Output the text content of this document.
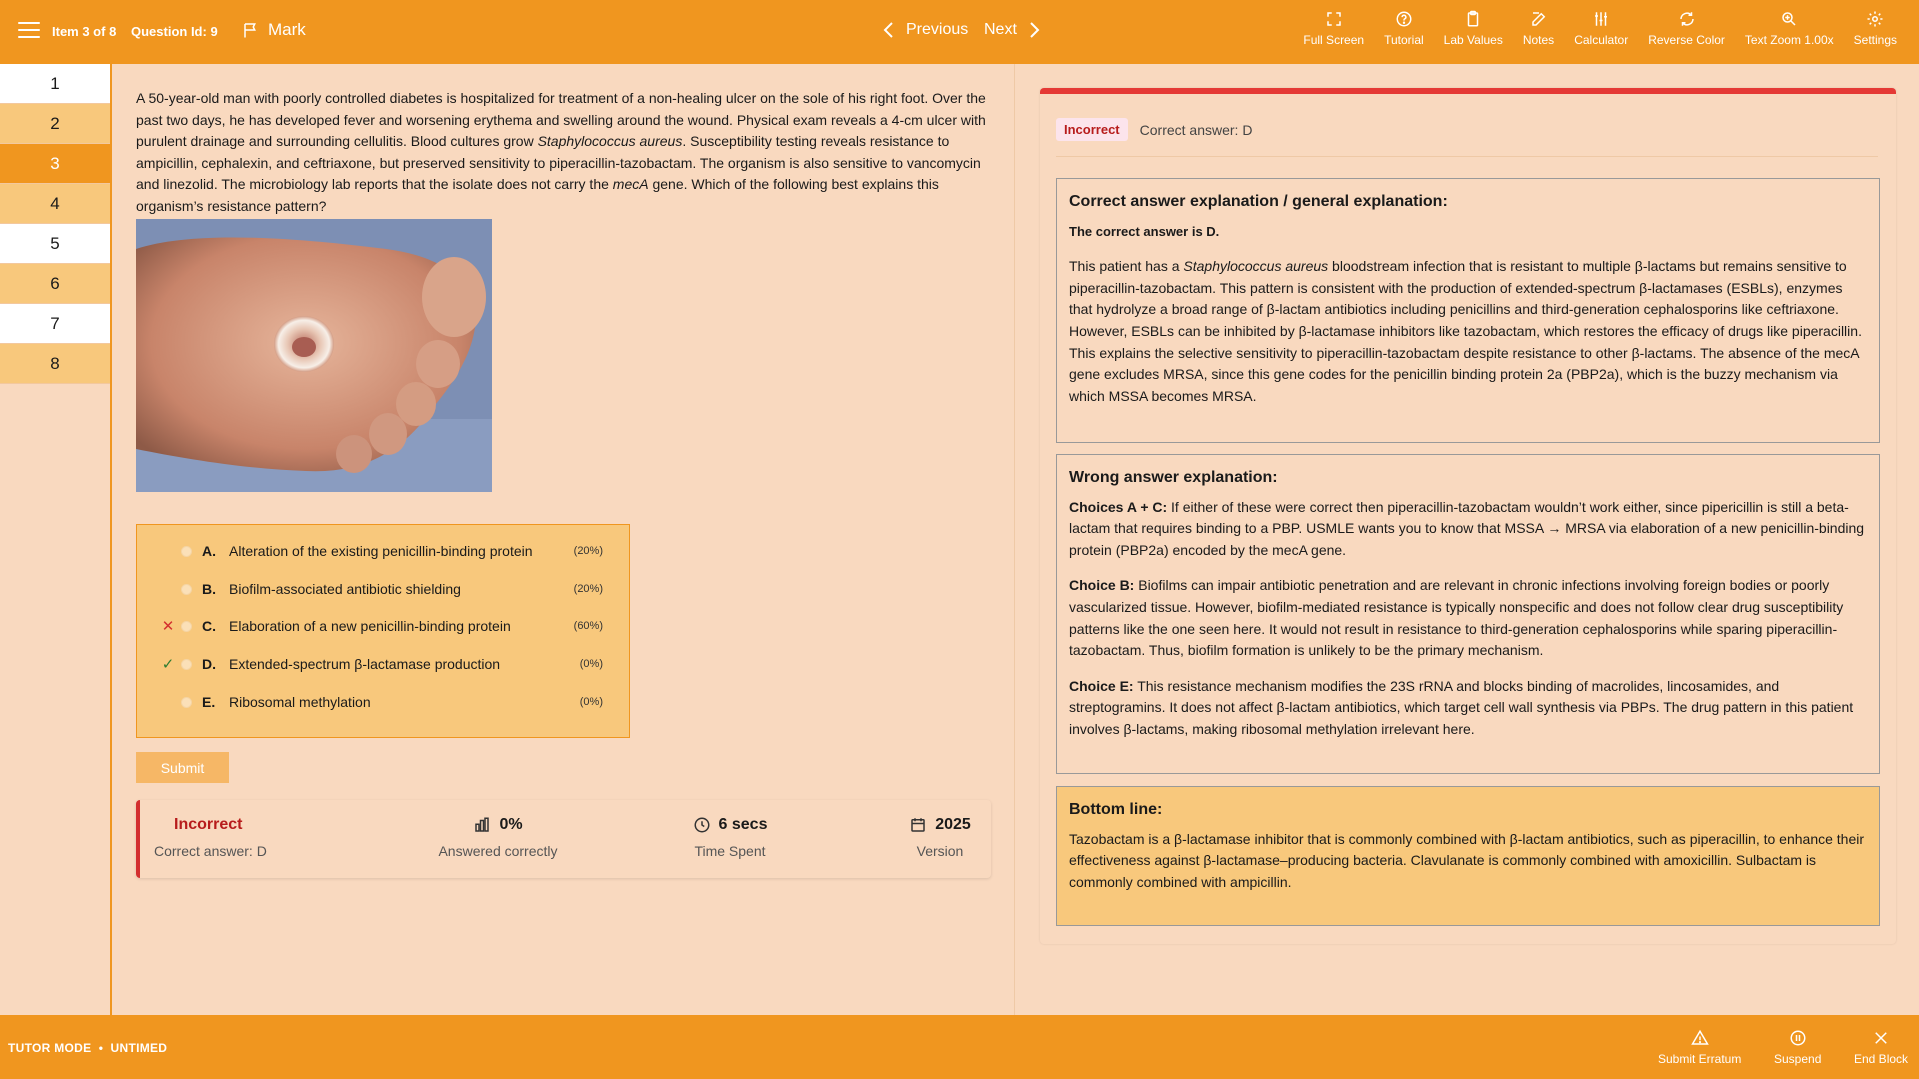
Item 3 of 8 Question Id: 9	Mark	Previous Next
Full Screen Tutorial Lab Values Notes Calculator Reverse Color Text Zoom 1.00x Settings
1
2
3
4
5
6
7
8
A 50-year-old man with poorly controlled diabetes is hospitalized for treatment of a non-healing ulcer on the sole of his right foot. Over the past two days, he has developed fever and worsening erythema and swelling around the wound. Physical exam reveals a 4-cm ulcer with purulent drainage and surrounding cellulitis. Blood cultures grow Staphylococcus aureus. Susceptibility testing reveals resistance to ampicillin, cephalexin, and ceftriaxone, but preserved sensitivity to piperacillin-tazobactam. The organism is also sensitive to vancomycin and linezolid. The microbiology lab reports that the isolate does not carry the mecA gene. Which of the following best explains this organism’s resistance pattern?
A. Alteration of the existing penicillin-binding protein	(20%)
B. Biofilm-associated antibiotic shielding	(20%)
✕ C. Elaboration of a new penicillin-binding protein	(60%)
✓ D. Extended-spectrum β-lactamase production	(0%)
E. Ribosomal methylation	(0%)
Submit
Incorrect
Correct answer: D
0%
Answered correctly
6 secs
Time Spent
2025
Version
Incorrect	Correct answer: D
Correct answer explanation / general explanation:

The correct answer is D.

This patient has a Staphylococcus aureus bloodstream infection that is resistant to multiple β-lactams but remains sensitive to piperacillin-tazobactam. This pattern is consistent with the production of extended-spectrum β-lactamases (ESBLs), enzymes that hydrolyze a broad range of β-lactam antibiotics including penicillins and third-generation cephalosporins like ceftriaxone. However, ESBLs can be inhibited by β-lactamase inhibitors like tazobactam, which restores the efficacy of drugs like piperacillin. This explains the selective sensitivity to piperacillin-tazobactam despite resistance to other β-lactams. The absence of the mecA gene excludes MRSA, since this gene codes for the penicillin binding protein 2a (PBP2a), which is the buzzy mechanism via which MSSA becomes MRSA.

Wrong answer explanation:

Choices A + C: If either of these were correct then piperacillin-tazobactam wouldn’t work either, since pipericillin is still a beta-lactam that requires binding to a PBP. USMLE wants you to know that MSSA → MRSA via elaboration of a new penicillin-binding protein (PBP2a) encoded by the mecA gene.

Choice B: Biofilms can impair antibiotic penetration and are relevant in chronic infections involving foreign bodies or poorly vascularized tissue. However, biofilm-mediated resistance is typically nonspecific and does not follow clear drug susceptibility patterns like the one seen here. It would not result in resistance to third-generation cephalosporins while sparing piperacillin-tazobactam. Thus, biofilm formation is unlikely to be the primary mechanism.

Choice E: This resistance mechanism modifies the 23S rRNA and blocks binding of macrolides, lincosamides, and streptogramins. It does not affect β-lactam antibiotics, which target cell wall synthesis via PBPs. The drug pattern in this patient involves β-lactams, making ribosomal methylation irrelevant here.

Bottom line:

Tazobactam is a β-lactamase inhibitor that is commonly combined with β-lactam antibiotics, such as piperacillin, to enhance their effectiveness against β-lactamase–producing bacteria. Clavulanate is commonly combined with amoxicillin. Sulbactam is commonly combined with ampicillin.

TUTOR MODE  •  UNTIMED
Submit Erratum	Suspend	End Block
